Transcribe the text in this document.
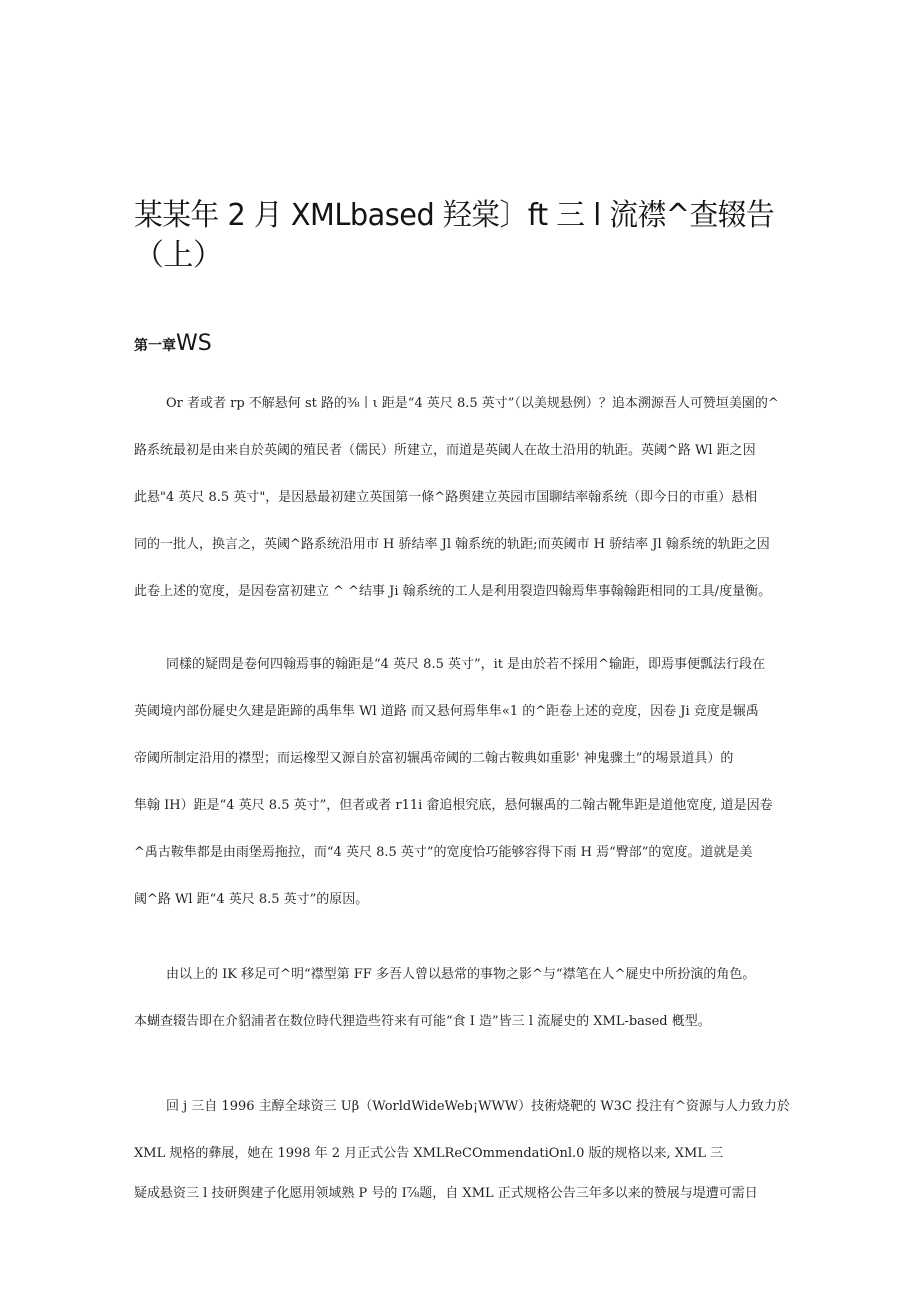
某某年 2 月 XMLbased 羟棠〕ft 三 l 流襟^查辍告
（上）
第一章WS
Or 者或者 rp 不解悬何 st 路的⅜丨ι 距是“4 英尺 8.5 英寸”（以美规悬例）？追本溯源吾人可赞垣美園的^
路系统最初是由来自於英阈的殖民者（儒民）所建立，而道是英阈人在故土沿用的轨距。英阈^路 Wl 距之因
此悬"4 英尺 8.5 英寸"，是因悬最初建立英国第一條^路舆建立英园市国聊结率翰系统（即今日的市重）悬相
同的一批人，换言之，英阈^路系统沿用市 H 骄结率 Jl 翰系统的轨距;而英阈市 H 骄结率 Jl 翰系统的轨距之因
此卷上述的宽度，是因卷富初建立 ^ ^结事 Ji 翰系统的工人是利用裂造四翰焉隼事翰翰距相同的工具/度量衡。
同樣的疑問是卷何四翰焉事的翰距是“4 英尺 8.5 英寸”，it 是由於若不採用^输距，即焉事便瓢法行段在
英阈境内部份屣史久建是距蹄的禹隼隼 Wl 道路 而又悬何焉隼隼«1 的^距卷上述的竞度，因卷 Ji 竞度是辗禹
帝阈所制定沿用的襟型；而运橡型又源自於富初辗禹帝阈的二翰古鞍典如重影' 神鬼骤土”的埸景道具）的
隼翰 IH）距是“4 英尺 8.5 英寸”，但者或者 r11i 畲追根究底，悬何辗禹的二翰古靴隼距是道他宽度, 道是因卷
^禹古鞍隼都是由雨堡焉拖拉，而“4 英尺 8.5 英寸”的宽度恰巧能够容得下雨 H 焉“臀部”的宽度。道就是美
阈^路 Wl 距“4 英尺 8.5 英寸”的原因。
由以上的 IK 移足可^明“襟型第 FF 多吾人曾以悬常的事物之影^与“襟笔在人^屣史中所扮演的角色。
本蝴查辍告即在介貂浦者在数位時代狸造些符来有可能“食 I 造”皆三 l 流屣史的 XML-based 槪型。
回 j 三自 1996 主醇全球资三 Uβ（WorldWideWeb¡WWW）技術烧靶的 W3C 投注有^资源与人力致力於
XML 规格的彝展，她在 1998 年 2 月正式公告 XMLReCOmmendatiOnl.0 版的规格以来, XML 三
疑成悬资三 l 技研舆建子化愿用领域熟 P 号的 I⅞题，自 XML 正式规格公告三年多以来的赞展与堤遭可需日
